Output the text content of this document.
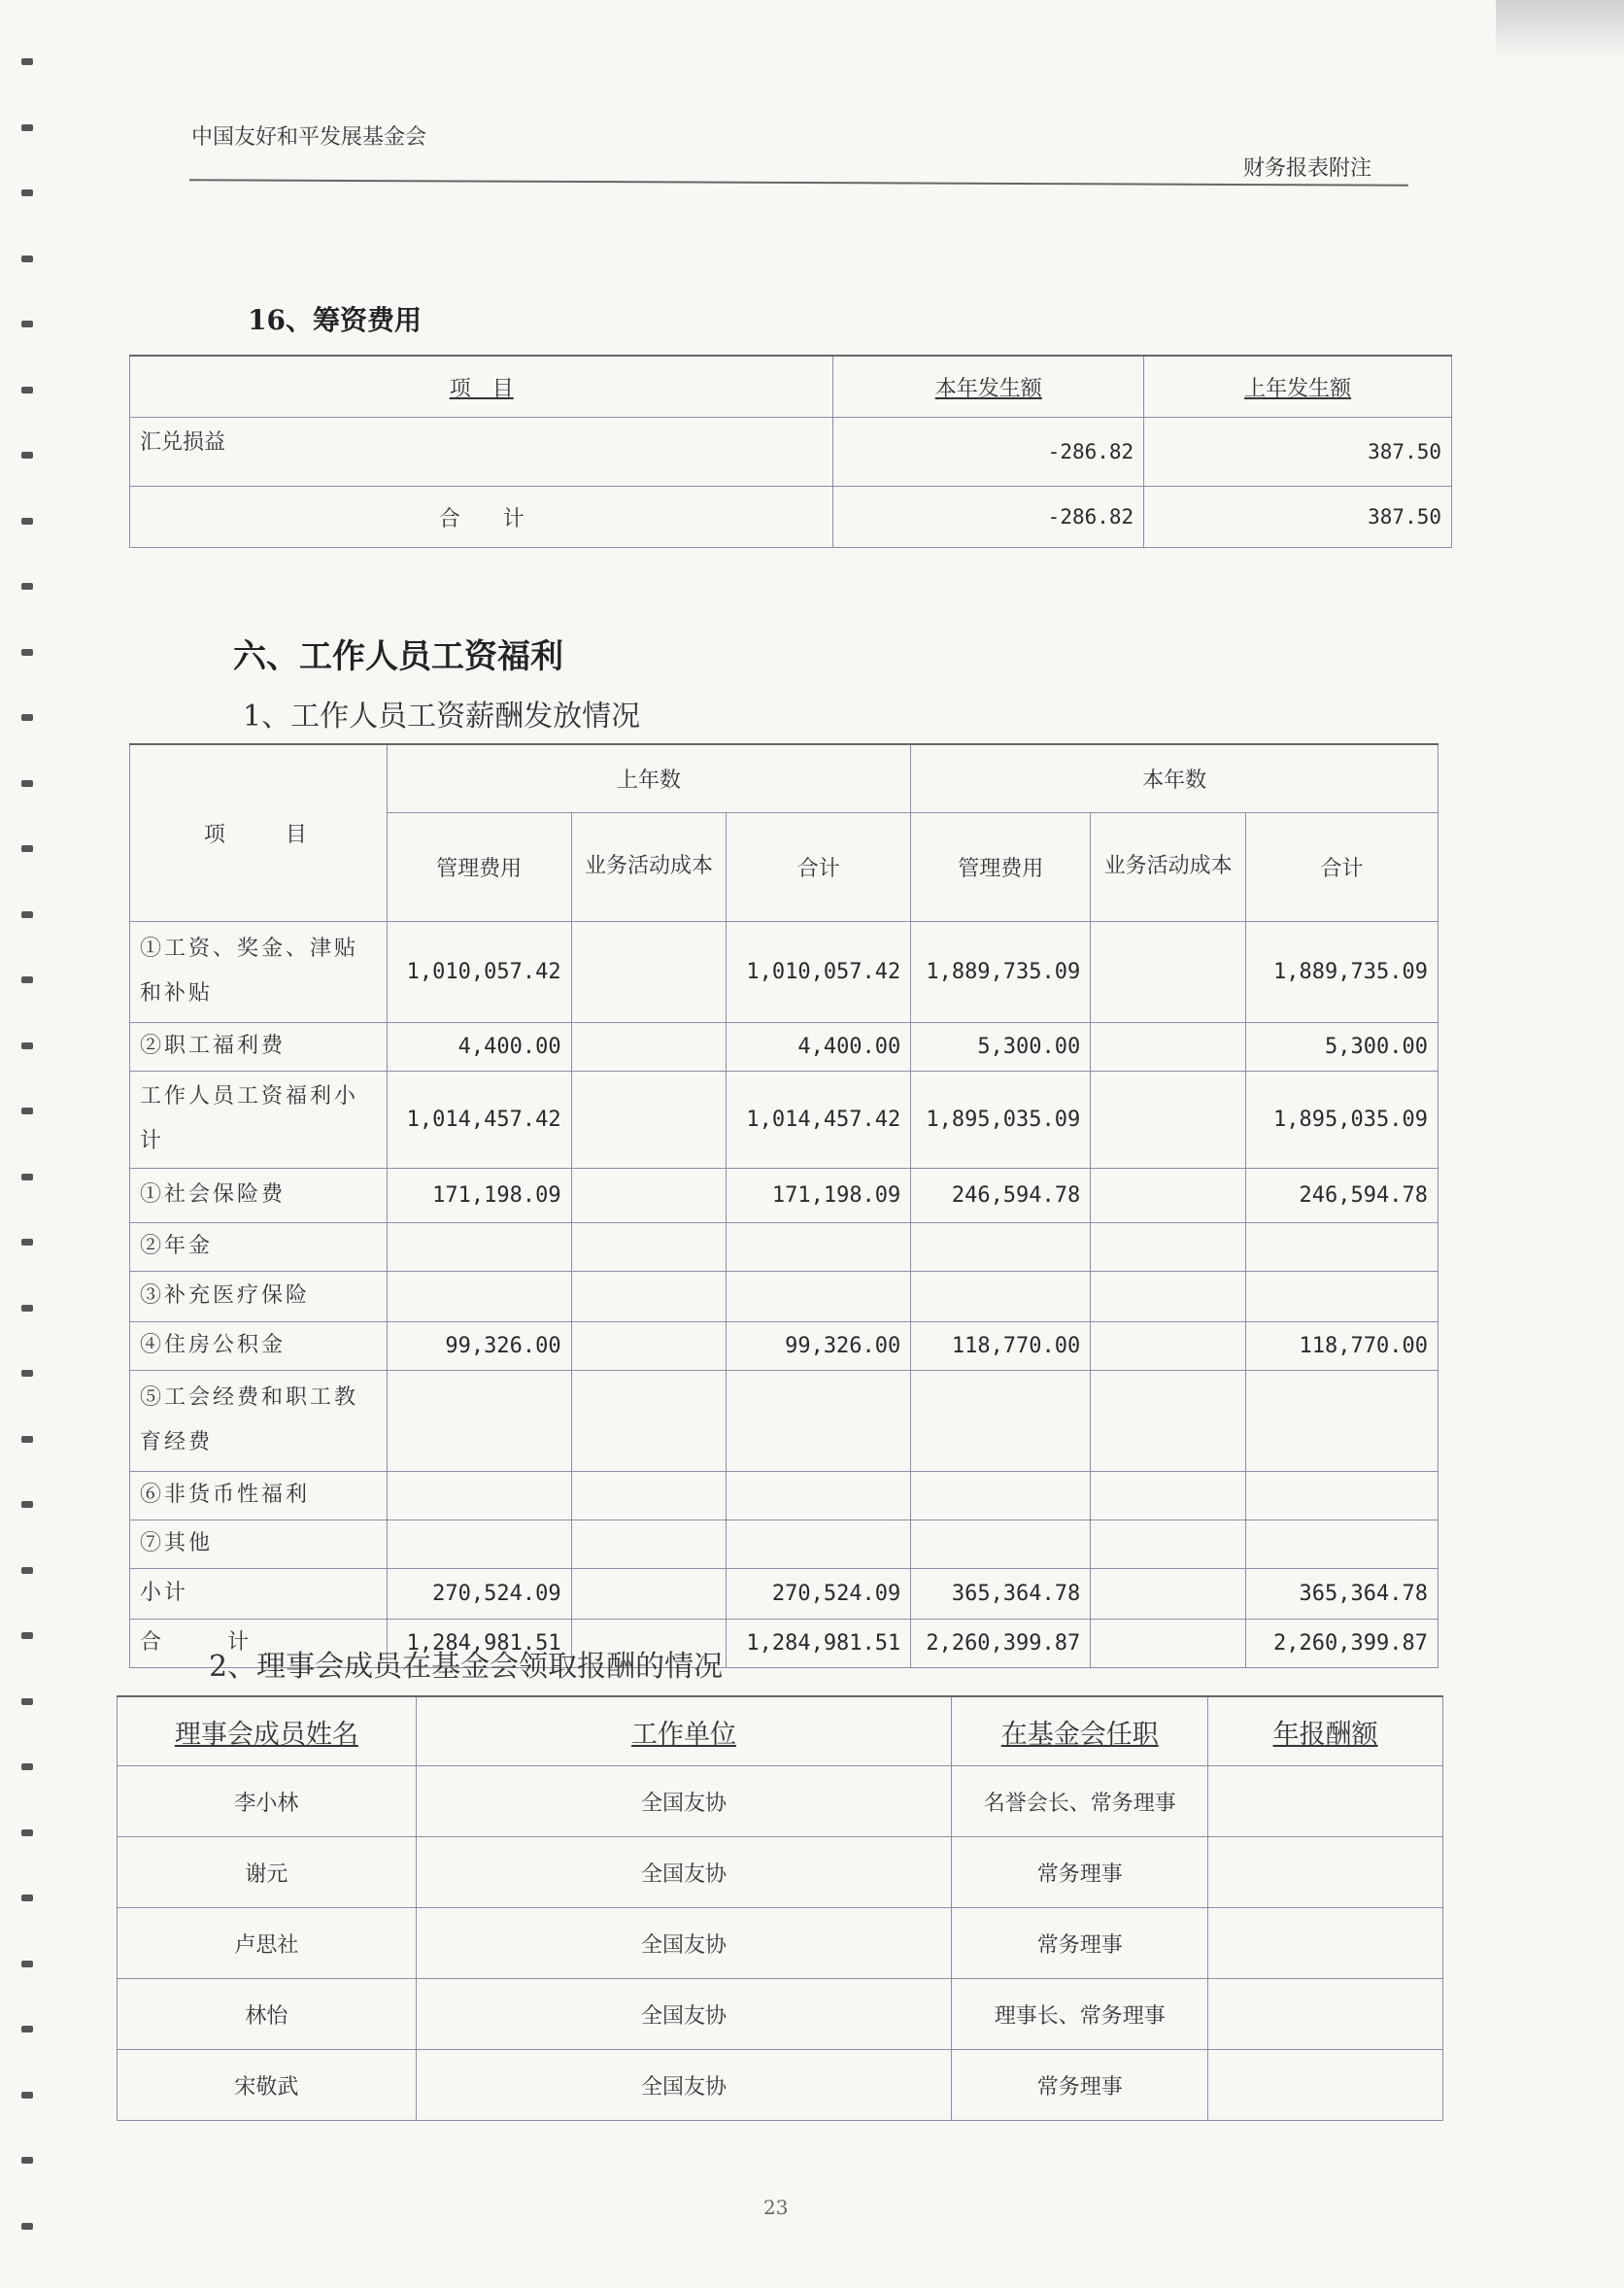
中国友好和平发展基金会
财务报表附注
16、筹资费用
项　目	本年发生额	上年发生额
汇兑损益	-286.82	387.50
合　　计	-286.82	387.50
六、工作人员工资福利
1、工作人员工资薪酬发放情况
项　　目	上年数			本年数		
	管理费用	业务活动成本	合计	管理费用	业务活动成本	合计
①工资、奖金、津贴和补贴	1,010,057.42		1,010,057.42	1,889,735.09		1,889,735.09
②职工福利费	4,400.00		4,400.00	5,300.00		5,300.00
工作人员工资福利小计	1,014,457.42		1,014,457.42	1,895,035.09		1,895,035.09
①社会保险费	171,198.09		171,198.09	246,594.78		246,594.78
②年金						
③补充医疗保险						
④住房公积金	99,326.00		99,326.00	118,770.00		118,770.00
⑤工会经费和职工教育经费						
⑥非货币性福利						
⑦其他						
小计	270,524.09		270,524.09	365,364.78		365,364.78
合　　计	1,284,981.51		1,284,981.51	2,260,399.87		2,260,399.87
2、理事会成员在基金会领取报酬的情况
理事会成员姓名	工作单位	在基金会任职	年报酬额
李小林	全国友协	名誉会长、常务理事	
谢元	全国友协	常务理事	
卢思社	全国友协	常务理事	
林怡	全国友协	理事长、常务理事	
宋敬武	全国友协	常务理事	
23
